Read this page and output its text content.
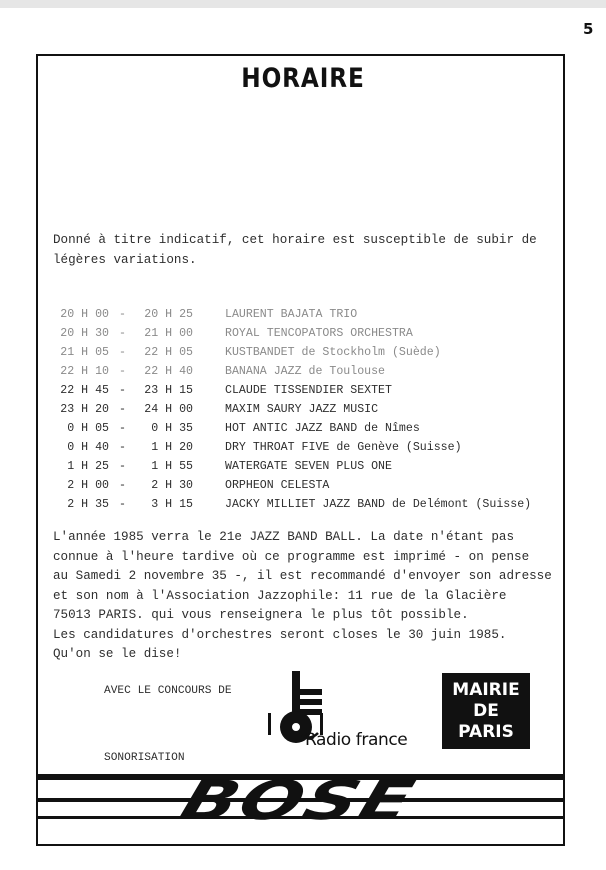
5
HORAIRE
Donné à titre indicatif, cet horaire est susceptible de subir de
légères variations.
20 H 00 -	20 H 25	LAURENT BAJATA TRIO
20 H 30 -	21 H 00	ROYAL TENCOPATORS ORCHESTRA
21 H 05 -	22 H 05	KUSTBANDET de Stockholm (Suède)
22 H 10 -	22 H 40	BANANA JAZZ de Toulouse
22 H 45 -	23 H 15	CLAUDE TISSENDIER SEXTET
23 H 20 -	24 H 00	MAXIM SAURY JAZZ MUSIC
0 H 05 -	0 H 35	HOT ANTIC JAZZ BAND de Nîmes
0 H 40 -	1 H 20	DRY THROAT FIVE de Genève (Suisse)
1 H 25 -	1 H 55	WATERGATE SEVEN PLUS ONE
2 H 00 -	2 H 30	ORPHEON CELESTA
2 H 35 -	3 H 15	JACKY MILLIET JAZZ BAND de Delémont (Suisse)
L'année 1985 verra le 21e JAZZ BAND BALL. La date n'étant pas
connue à l'heure tardive où ce programme est imprimé - on pense
au Samedi 2 novembre 35 -, il est recommandé d'envoyer son adresse
et son nom à l'Association Jazzophile: 11 rue de la Glacière
75013 PARIS. qui vous renseignera le plus tôt possible.
Les candidatures d'orchestres seront closes le 30 juin 1985.
Qu'on se le dise!
AVEC LE CONCOURS DE
Radio france
MAIRIE
DE
PARIS
SONORISATION
BOSE
